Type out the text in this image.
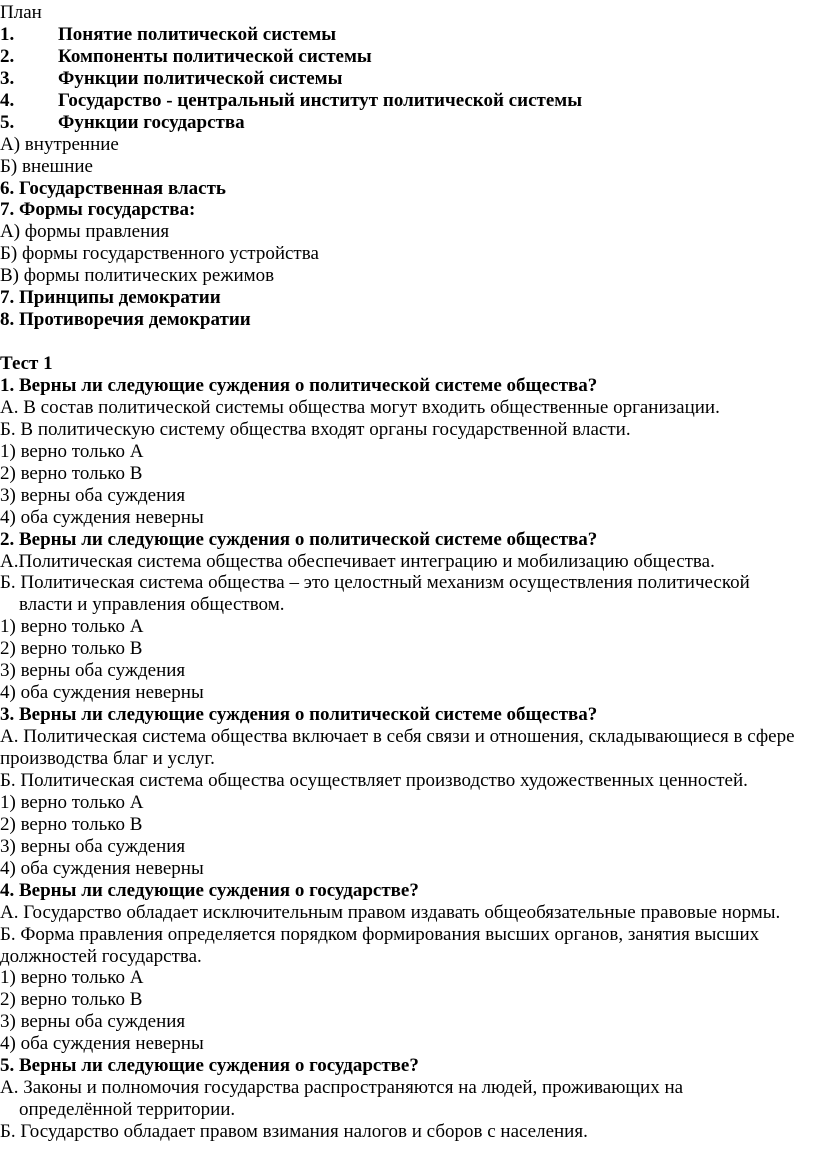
План
1. Понятие политической системы
2. Компоненты политической системы
3. Функции политической системы
4. Государство - центральный институт политической системы
5. Функции государства
А) внутренние
Б) внешние
6. Государственная власть
7. Формы государства:
А) формы правления
Б) формы государственного устройства
В) формы политических режимов
7. Принципы демократии
8. Противоречия демократии
Тест 1
1. Верны ли следующие суждения о политической системе общества?
А. В состав политической системы общества могут входить общественные организации.
Б. В политическую систему общества входят органы государственной власти.
1) верно только А
2) верно только В
3) верны оба суждения
4) оба суждения неверны
2. Верны ли следующие суждения о политической системе общества?
А.Политическая система общества обеспечивает интеграцию и мобилизацию общества.
Б. Политическая система общества – это целостный механизм осуществления политической
власти и управления обществом.
1) верно только А
2) верно только В
3) верны оба суждения
4) оба суждения неверны
3. Верны ли следующие суждения о политической системе общества?
А. Политическая система общества включает в себя связи и отношения, складывающиеся в сфере
производства благ и услуг.
Б. Политическая система общества осуществляет производство художественных ценностей.
1) верно только А
2) верно только В
3) верны оба суждения
4) оба суждения неверны
4. Верны ли следующие суждения о государстве?
А. Государство обладает исключительным правом издавать общеобязательные правовые нормы.
Б. Форма правления определяется порядком формирования высших органов, занятия высших
должностей государства.
1) верно только А
2) верно только В
3) верны оба суждения
4) оба суждения неверны
5. Верны ли следующие суждения о государстве?
А. Законы и полномочия государства распространяются на людей, проживающих на
определённой территории.
Б. Государство обладает правом взимания налогов и сборов с населения.
